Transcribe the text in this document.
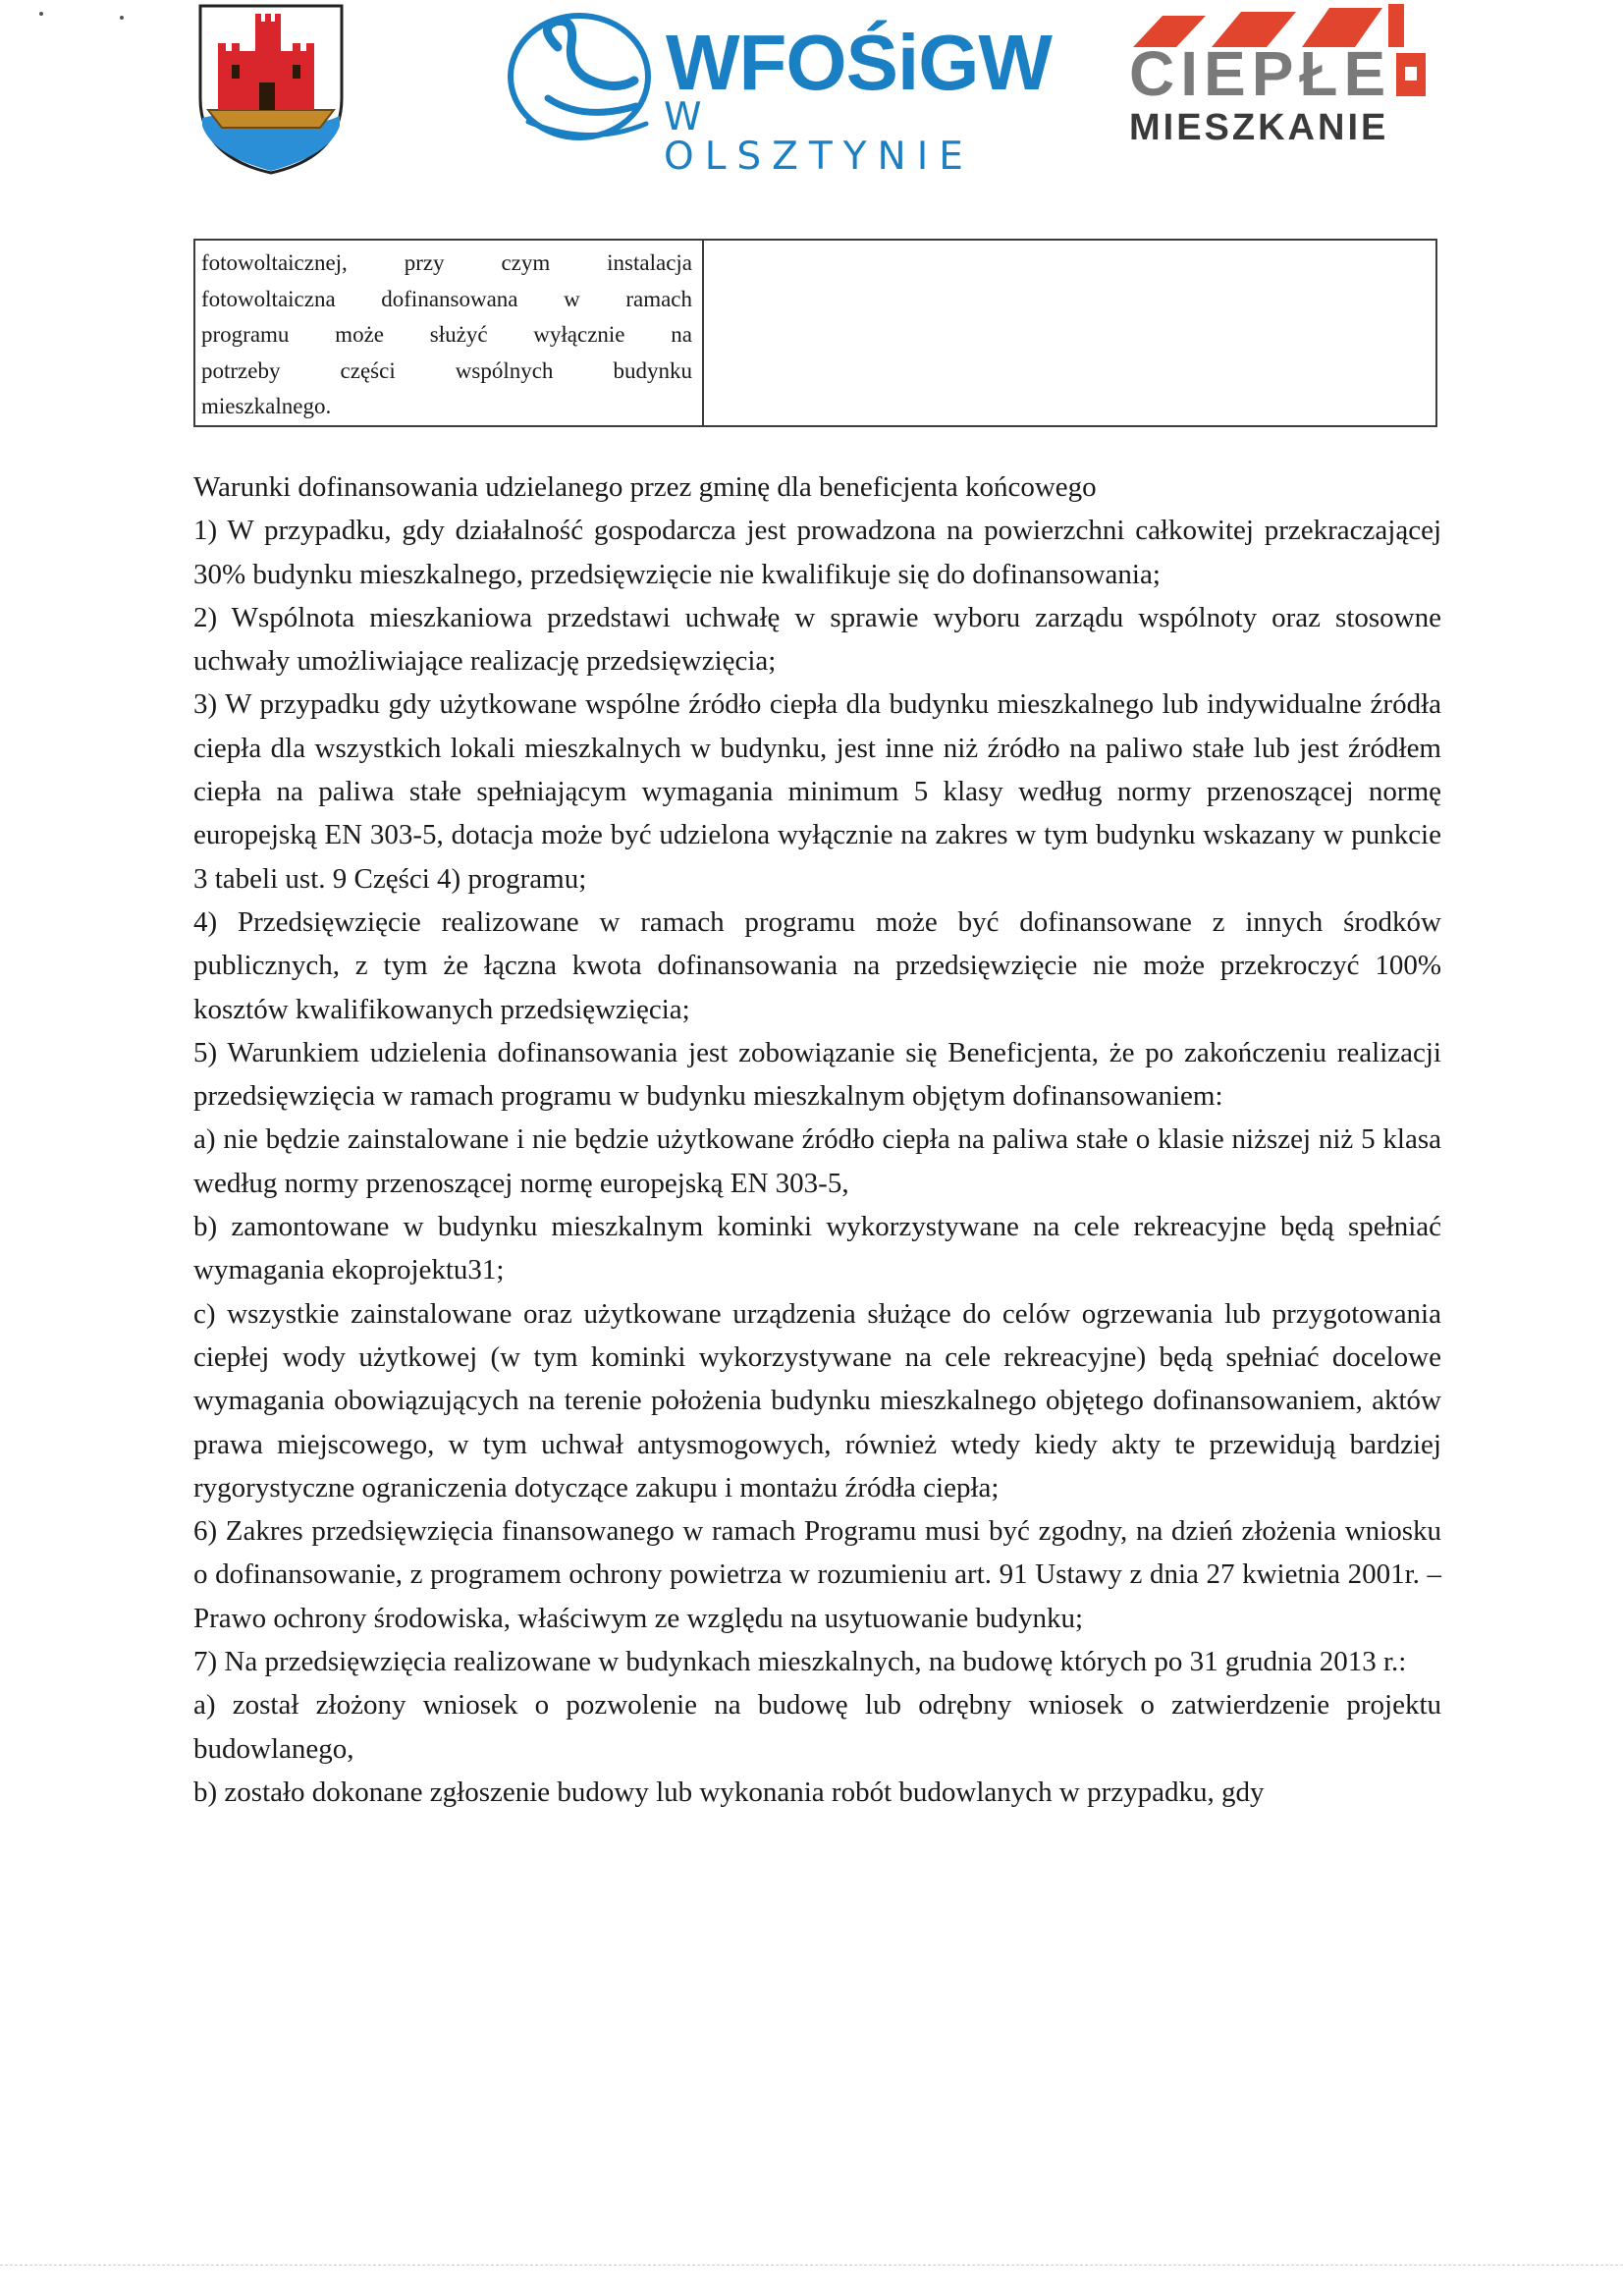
WFOŚiGW

W OLSZTYNIE

CIEPŁE

MIESZKANIE

fotowoltaicznej, przy czym instalacja
fotowoltaiczna dofinansowana w ramach
programu może służyć wyłącznie na
potrzeby części wspólnych budynku
mieszkalnego.

Warunki dofinansowania udzielanego przez gminę dla beneficjenta końcowego

1) W przypadku, gdy działalność gospodarcza jest prowadzona na powierzchni całkowitej przekraczającej 30% budynku mieszkalnego, przedsięwzięcie nie kwalifikuje się do dofinansowania;

2) Wspólnota mieszkaniowa przedstawi uchwałę w sprawie wyboru zarządu wspólnoty oraz stosowne uchwały umożliwiające realizację przedsięwzięcia;

3) W przypadku gdy użytkowane wspólne źródło ciepła dla budynku mieszkalnego lub indywidualne źródła ciepła dla wszystkich lokali mieszkalnych w budynku, jest inne niż źródło na paliwo stałe lub jest źródłem ciepła na paliwa stałe spełniającym wymagania minimum 5 klasy według normy przenoszącej normę europejską EN 303-5, dotacja może być udzielona wyłącznie na zakres w tym budynku wskazany w punkcie 3 tabeli ust. 9 Części 4) programu;

4) Przedsięwzięcie realizowane w ramach programu może być dofinansowane z innych środków publicznych, z tym że łączna kwota dofinansowania na przedsięwzięcie nie może przekroczyć 100% kosztów kwalifikowanych przedsięwzięcia;

5) Warunkiem udzielenia dofinansowania jest zobowiązanie się Beneficjenta, że po zakończeniu realizacji przedsięwzięcia w ramach programu w budynku mieszkalnym objętym dofinansowaniem:

a) nie będzie zainstalowane i nie będzie użytkowane źródło ciepła na paliwa stałe o klasie niższej niż 5 klasa według normy przenoszącej normę europejską EN 303-5,

b) zamontowane w budynku mieszkalnym kominki wykorzystywane na cele rekreacyjne będą spełniać wymagania ekoprojektu31;

c) wszystkie zainstalowane oraz użytkowane urządzenia służące do celów ogrzewania lub przygotowania ciepłej wody użytkowej (w tym kominki wykorzystywane na cele rekreacyjne) będą spełniać docelowe wymagania obowiązujących na terenie położenia budynku mieszkalnego objętego dofinansowaniem, aktów prawa miejscowego, w tym uchwał antysmogowych, również wtedy kiedy akty te przewidują bardziej rygorystyczne ograniczenia dotyczące zakupu i montażu źródła ciepła;

6) Zakres przedsięwzięcia finansowanego w ramach Programu musi być zgodny, na dzień złożenia wniosku o dofinansowanie, z programem ochrony powietrza w rozumieniu art. 91 Ustawy z dnia 27 kwietnia 2001r. – Prawo ochrony środowiska, właściwym ze względu na usytuowanie budynku;

7) Na przedsięwzięcia realizowane w budynkach mieszkalnych, na budowę których po 31 grudnia 2013 r.:

a) został złożony wniosek o pozwolenie na budowę lub odrębny wniosek o zatwierdzenie projektu budowlanego,

b) zostało dokonane zgłoszenie budowy lub wykonania robót budowlanych w przypadku, gdy
